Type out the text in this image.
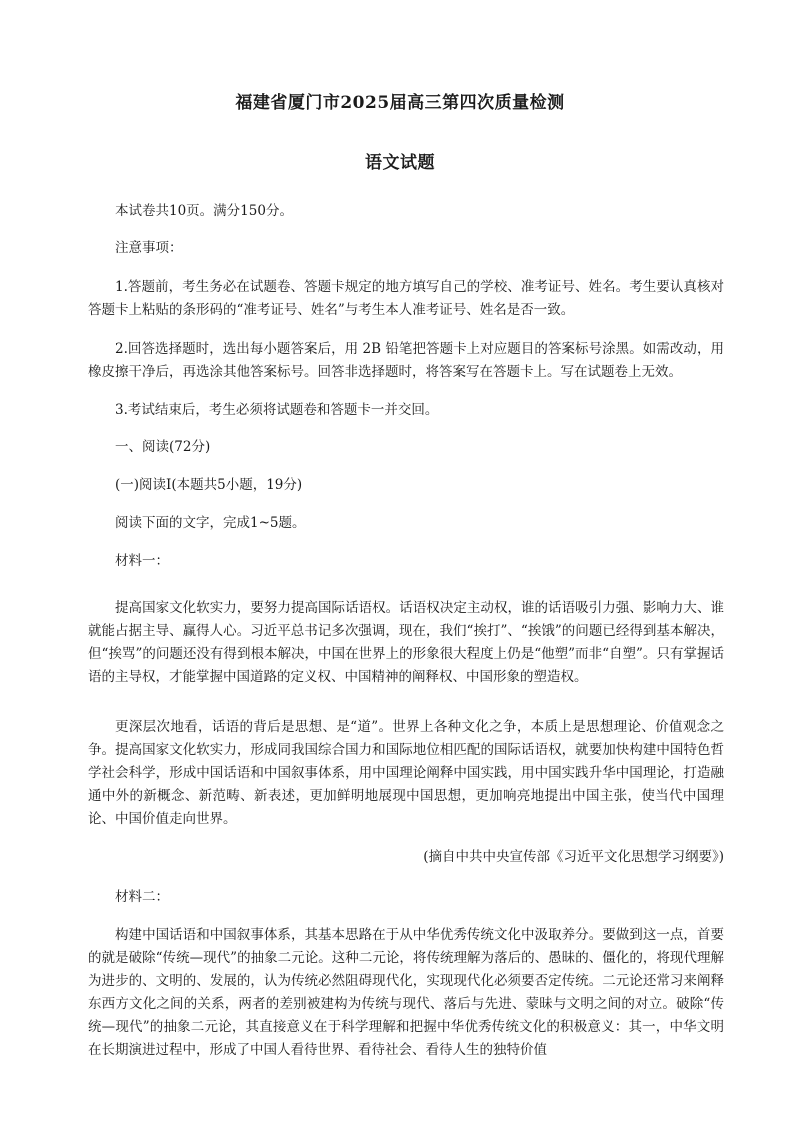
福建省厦门市2025届高三第四次质量检测
语文试题

本试卷共10页。满分150分。

注意事项：

1.答题前，考生务必在试题卷、答题卡规定的地方填写自己的学校、准考证号、姓名。考生要认真核对答题卡上粘贴的条形码的“准考证号、姓名”与考生本人准考证号、姓名是否一致。

2.回答选择题时，选出每小题答案后，用 2B 铅笔把答题卡上对应题目的答案标号涂黑。如需改动，用橡皮擦干净后，再选涂其他答案标号。回答非选择题时，将答案写在答题卡上。写在试题卷上无效。

3.考试结束后，考生必须将试题卷和答题卡一并交回。

一、阅读(72分)

(一)阅读Ⅰ(本题共5小题，19分)

阅读下面的文字，完成1~5题。

材料一：

提高国家文化软实力，要努力提高国际话语权。话语权决定主动权，谁的话语吸引力强、影响力大、谁就能占据主导、赢得人心。习近平总书记多次强调，现在，我们“挨打”、“挨饿”的问题已经得到基本解决，但“挨骂”的问题还没有得到根本解决，中国在世界上的形象很大程度上仍是“他塑”而非“自塑”。只有掌握话语的主导权，才能掌握中国道路的定义权、中国精神的阐释权、中国形象的塑造权。

更深层次地看，话语的背后是思想、是“道”。世界上各种文化之争，本质上是思想理论、价值观念之争。提高国家文化软实力，形成同我国综合国力和国际地位相匹配的国际话语权，就要加快构建中国特色哲学社会科学，形成中国话语和中国叙事体系，用中国理论阐释中国实践，用中国实践升华中国理论，打造融通中外的新概念、新范畴、新表述，更加鲜明地展现中国思想，更加响亮地提出中国主张，使当代中国理论、中国价值走向世界。

(摘自中共中央宣传部《习近平文化思想学习纲要》)

材料二：

构建中国话语和中国叙事体系，其基本思路在于从中华优秀传统文化中汲取养分。要做到这一点，首要的就是破除“传统—现代”的抽象二元论。这种二元论，将传统理解为落后的、愚昧的、僵化的，将现代理解为进步的、文明的、发展的，认为传统必然阻碍现代化，实现现代化必须要否定传统。二元论还常习来阐释东西方文化之间的关系，两者的差别被建构为传统与现代、落后与先进、蒙昧与文明之间的对立。破除“传统—现代”的抽象二元论，其直接意义在于科学理解和把握中华优秀传统文化的积极意义：其一，中华文明在长期演进过程中，形成了中国人看待世界、看待社会、看待人生的独特价值
